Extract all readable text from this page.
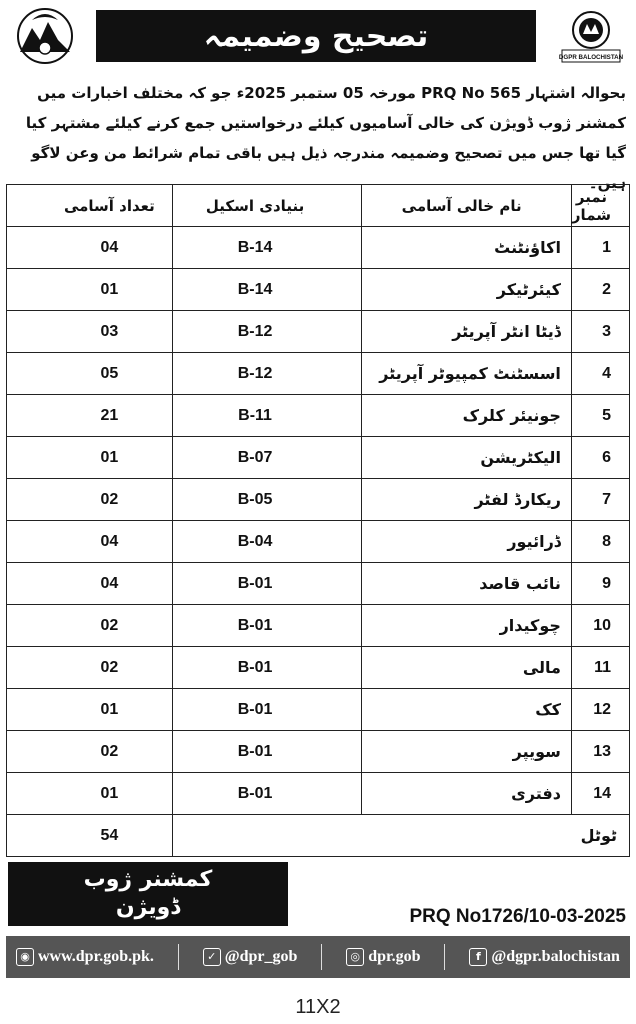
تصحیح وضمیمہ
DGPR BALOCHISTAN
بحوالہ اشتہار PRQ No 565 مورخہ 05 ستمبر 2025ء جو کہ مختلف اخبارات میں کمشنر ژوب ڈویژن کی خالی آسامیوں کیلئے درخواستیں جمع کرنے کیلئے مشتہر کیا گیا تھا جس میں تصحیح وضمیمہ مندرجہ ذیل ہیں باقی تمام شرائط من وعن لاگو ہیں۔
نمبر شمار	نام خالی آسامی	بنیادی اسکیل	تعداد آسامی
1	اکاؤنٹنٹ	B-14	04
2	کیئرٹیکر	B-14	01
3	ڈیٹا انٹر آپریٹر	B-12	03
4	اسسٹنٹ کمپیوٹر آپریٹر	B-12	05
5	جونیئر کلرک	B-11	21
6	الیکٹریشن	B-07	01
7	ریکارڈ لفٹر	B-05	02
8	ڈرائیور	B-04	04
9	نائب قاصد	B-01	04
10	چوکیدار	B-01	02
11	مالی	B-01	02
12	کک	B-01	01
13	سویپر	B-01	02
14	دفتری	B-01	01
ٹوٹل			54
کمشنر ژوب
ڈویژن	PRQ No1726/10-03-2025
◉ www.dpr.gob.pk.	✓ @dpr_gob	◎ dpr.gob	f @dgpr.balochistan
11X2
